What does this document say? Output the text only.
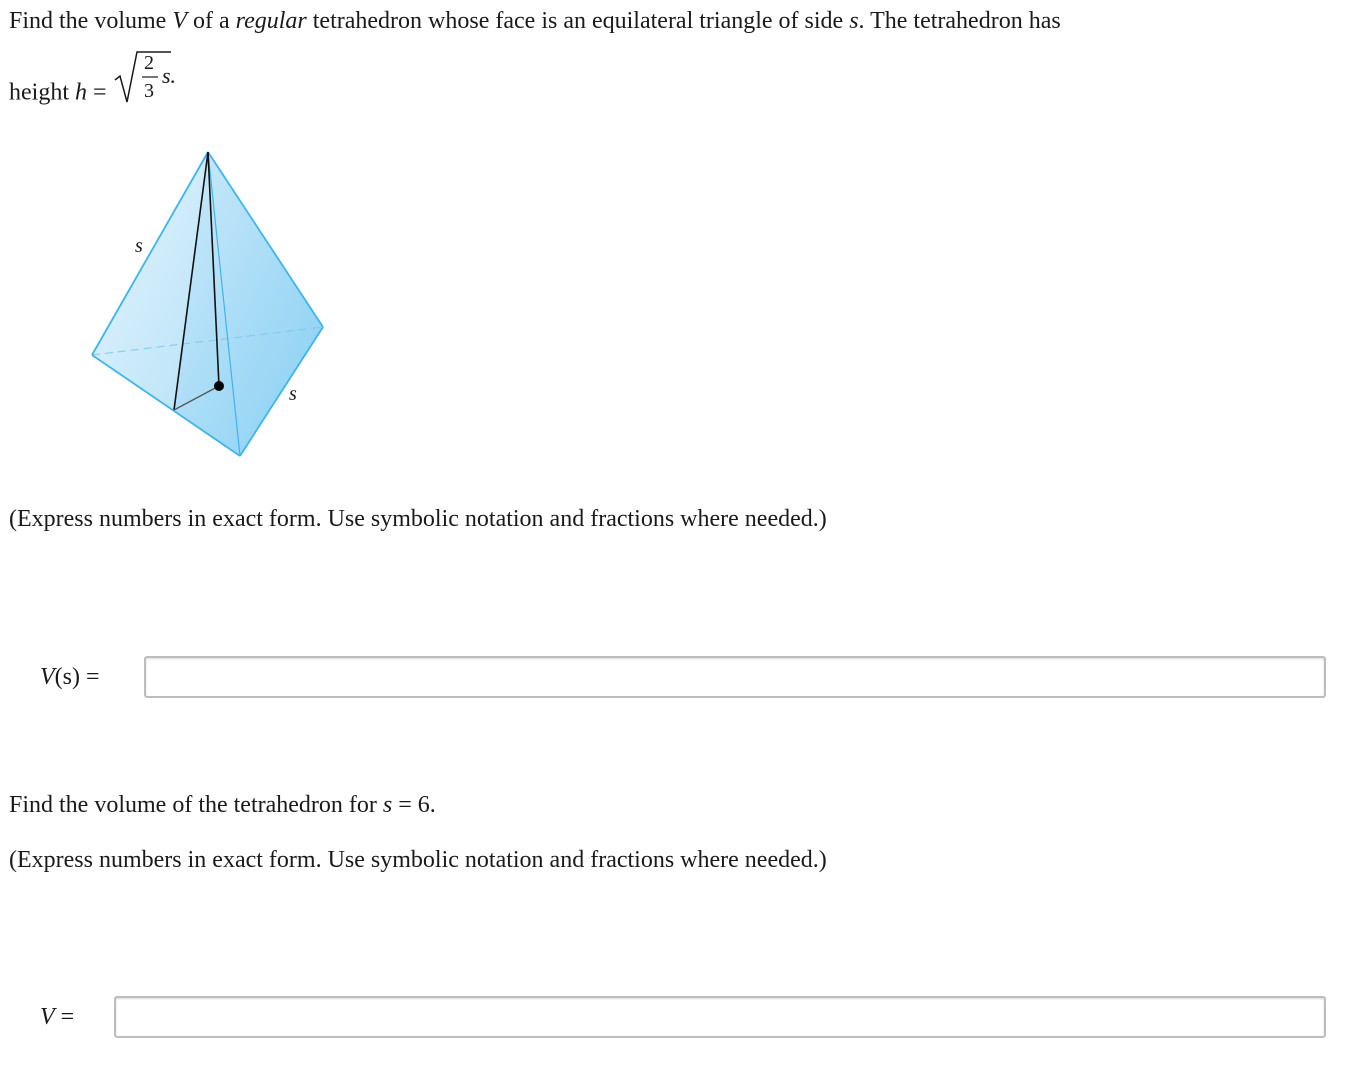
Find the volume V of a regular tetrahedron whose face is an equilateral triangle of side s. The tetrahedron has
height h =
2
3
s.
s
s
(Express numbers in exact form. Use symbolic notation and fractions where needed.)
V(s) =
Find the volume of the tetrahedron for s = 6.
(Express numbers in exact form. Use symbolic notation and fractions where needed.)
V =
